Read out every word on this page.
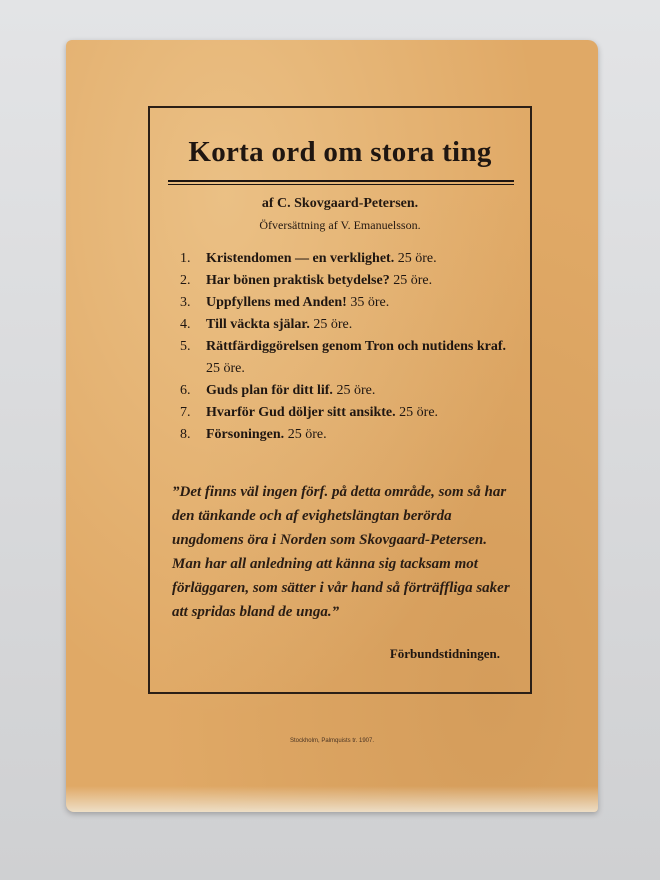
Korta ord om stora ting
af C. Skovgaard-Petersen.
Öfversättning af V. Emanuelsson.
1.	Kristendomen — en verklighet. 25 öre.
2.	Har bönen praktisk betydelse? 25 öre.
3.	Uppfyllens med Anden! 35 öre.
4.	Till väckta själar. 25 öre.
5.	Rättfärdiggörelsen genom Tron och nutidens kraf. 25 öre.
6.	Guds plan för ditt lif. 25 öre.
7.	Hvarför Gud döljer sitt ansikte. 25 öre.
8.	Försoningen. 25 öre.
”Det finns väl ingen förf. på detta område, som så har den tänkande och af evighetslängtan berörda ungdomens öra i Norden som Skovgaard-Petersen. Man har all anledning att känna sig tacksam mot förläggaren, som sätter i vår hand så förträffliga saker att spridas bland de unga.”
Förbundstidningen.
Stockholm, Palmquists tr. 1907.
